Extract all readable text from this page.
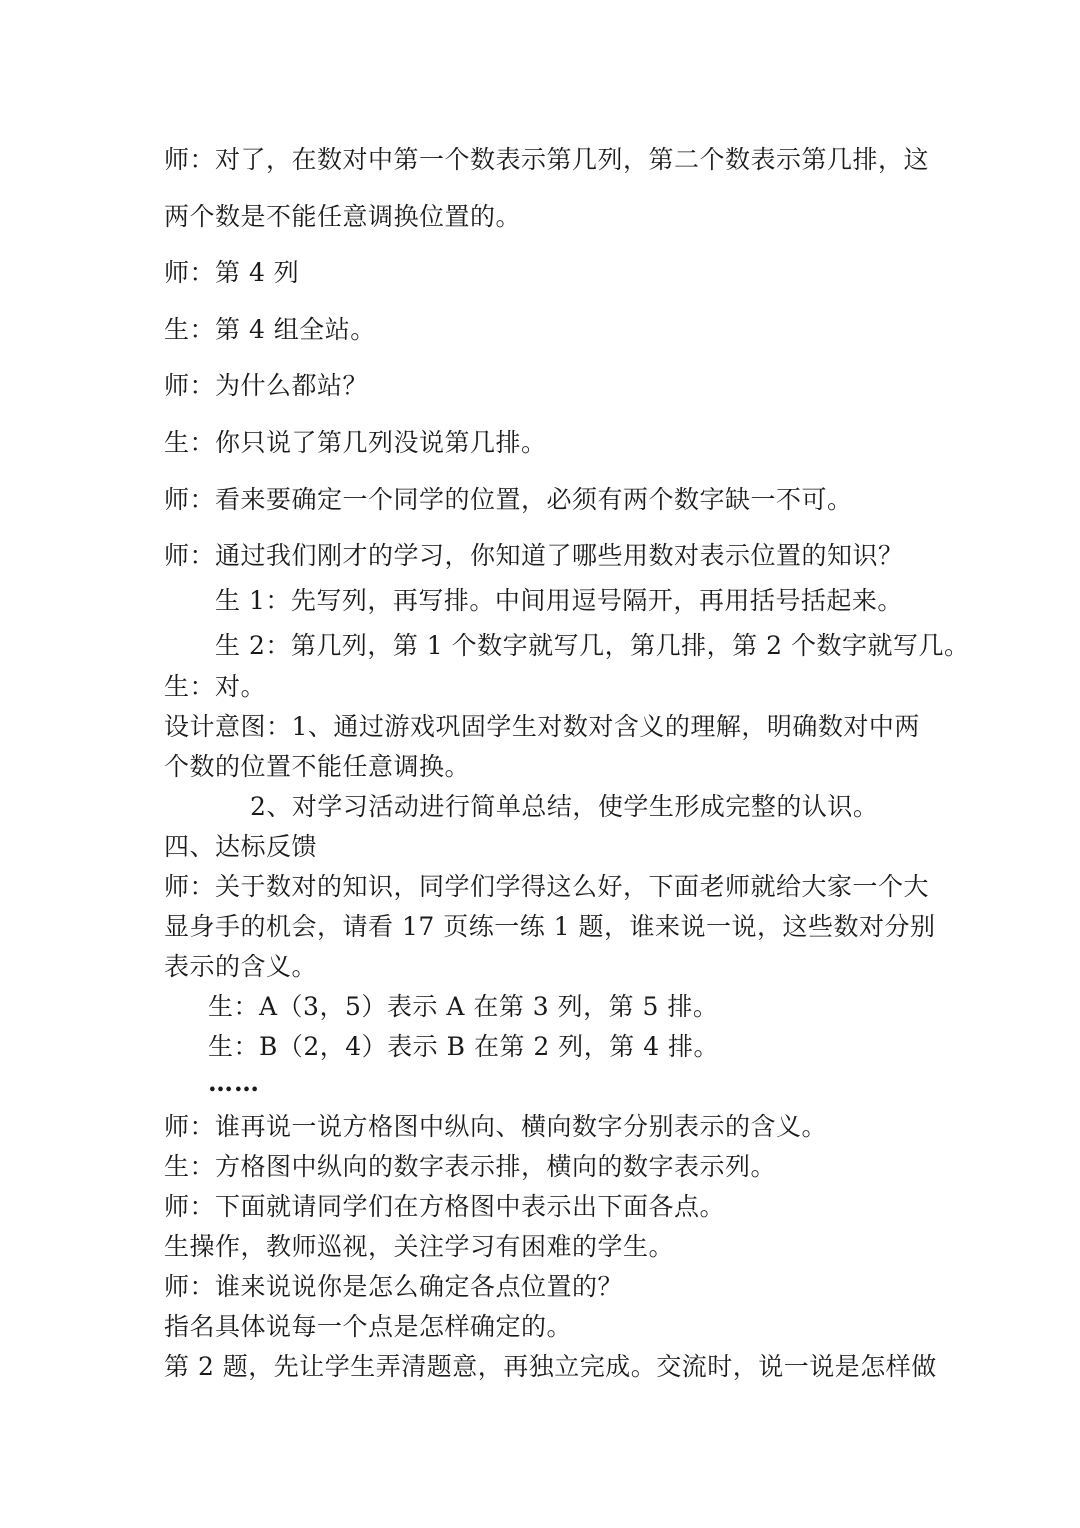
师：对了，在数对中第一个数表示第几列，第二个数表示第几排，这
两个数是不能任意调换位置的。
师：第 4 列
生：第 4 组全站。
师：为什么都站？
生：你只说了第几列没说第几排。
师：看来要确定一个同学的位置，必须有两个数字缺一不可。
师：通过我们刚才的学习，你知道了哪些用数对表示位置的知识？
生 1：先写列，再写排。中间用逗号隔开，再用括号括起来。
生 2：第几列，第 1 个数字就写几，第几排，第 2 个数字就写几。
生：对。
设计意图：1、通过游戏巩固学生对数对含义的理解，明确数对中两
个数的位置不能任意调换。
2、对学习活动进行简单总结，使学生形成完整的认识。
四、达标反馈
师：关于数对的知识，同学们学得这么好，下面老师就给大家一个大
显身手的机会，请看 17 页练一练 1 题，谁来说一说，这些数对分别
表示的含义。
生：A（3，5）表示 A 在第 3 列，第 5 排。
生：B（2，4）表示 B 在第 2 列，第 4 排。
……
师：谁再说一说方格图中纵向、横向数字分别表示的含义。
生：方格图中纵向的数字表示排，横向的数字表示列。
师：下面就请同学们在方格图中表示出下面各点。
生操作，教师巡视，关注学习有困难的学生。
师：谁来说说你是怎么确定各点位置的？
指名具体说每一个点是怎样确定的。
第 2 题，先让学生弄清题意，再独立完成。交流时，说一说是怎样做
